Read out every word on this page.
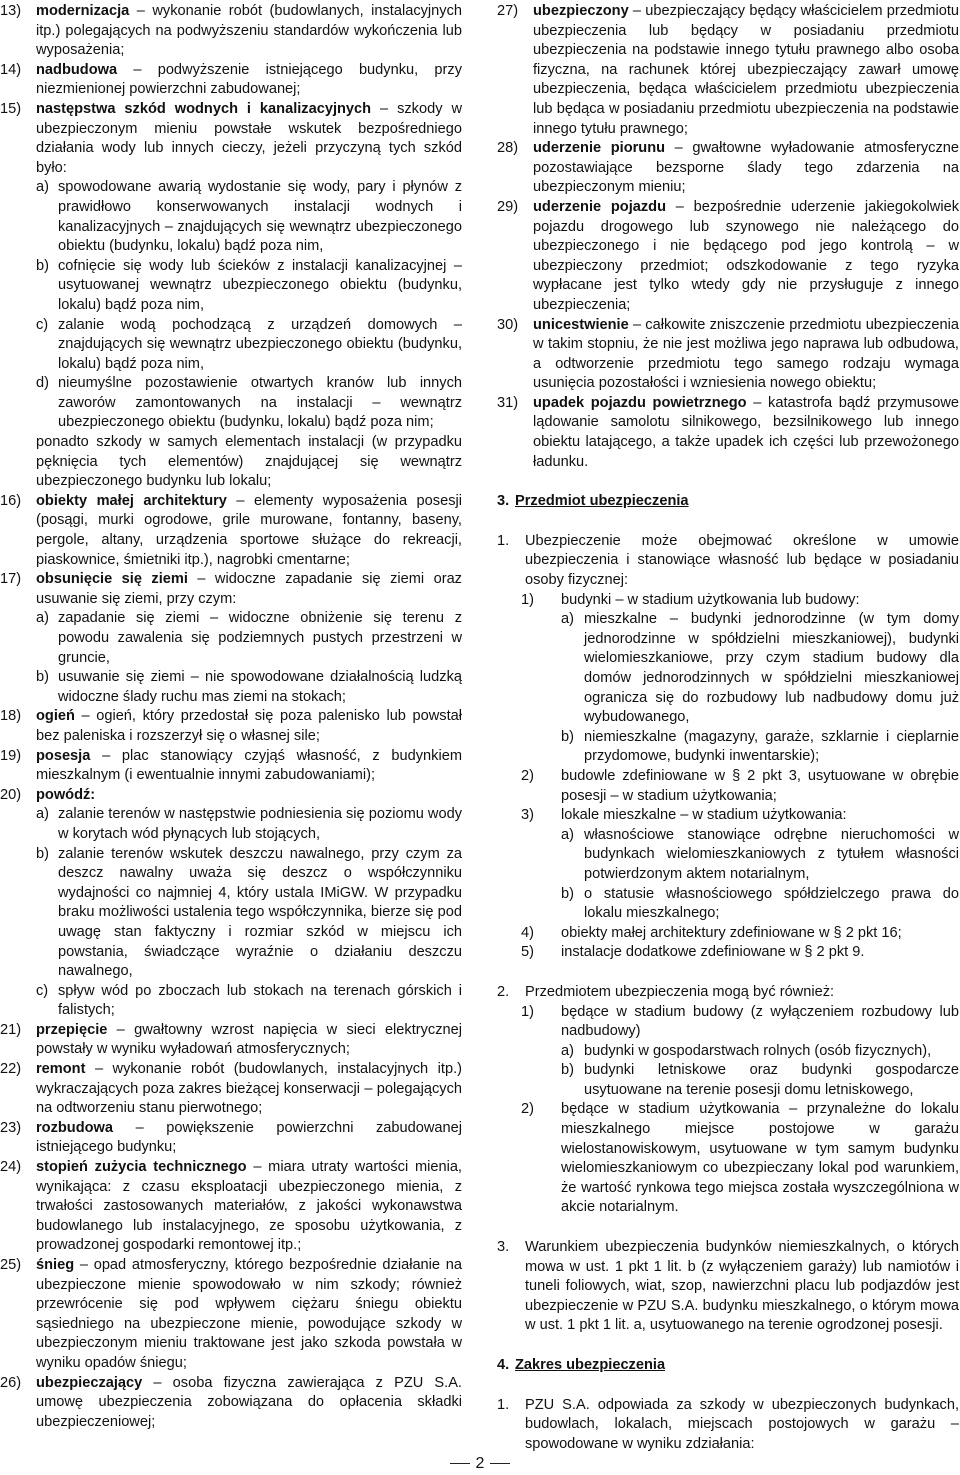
13) modernizacja – wykonanie robót (budowlanych, instalacyjnych itp.) polegających na podwyższeniu standardów wykończenia lub wyposażenia;

14) nadbudowa – podwyższenie istniejącego budynku, przy niezmienionej powierzchni zabudowanej;

15) następstwa szkód wodnych i kanalizacyjnych – szkody w ubezpieczonym mieniu powstałe wskutek bezpośredniego działania wody lub innych cieczy, jeżeli przyczyną tych szkód było:
a) spowodowane awarią wydostanie się wody, pary i płynów z prawidłowo konserwowanych instalacji wodnych i kanalizacyjnych – znajdujących się wewnątrz ubezpieczonego obiektu (budynku, lokalu) bądź poza nim,
b) cofnięcie się wody lub ścieków z instalacji kanalizacyjnej – usytuowanej wewnątrz ubezpieczonego obiektu (budynku, lokalu) bądź poza nim,
c) zalanie wodą pochodzącą z urządzeń domowych – znajdujących się wewnątrz ubezpieczonego obiektu (budynku, lokalu) bądź poza nim,
d) nieumyślne pozostawienie otwartych kranów lub innych zaworów zamontowanych na instalacji – wewnątrz ubezpieczonego obiektu (budynku, lokalu) bądź poza nim;
ponadto szkody w samych elementach instalacji (w przypadku pęknięcia tych elementów) znajdującej się wewnątrz ubezpieczonego budynku lub lokalu;

16) obiekty małej architektury – elementy wyposażenia posesji (posągi, murki ogrodowe, grile murowane, fontanny, baseny, pergole, altany, urządzenia sportowe służące do rekreacji, piaskownice, śmietniki itp.), nagrobki cmentarne;

17) obsunięcie się ziemi – widoczne zapadanie się ziemi oraz usuwanie się ziemi, przy czym:
a) zapadanie się ziemi – widoczne obniżenie się terenu z powodu zawalenia się podziemnych pustych przestrzeni w gruncie,
b) usuwanie się ziemi – nie spowodowane działalnością ludzką widoczne ślady ruchu mas ziemi na stokach;

18) ogień – ogień, który przedostał się poza palenisko lub powstał bez paleniska i rozszerzył się o własnej sile;

19) posesja – plac stanowiący czyjąś własność, z budynkiem mieszkalnym (i ewentualnie innymi zabudowaniami);

20) powódź:
a) zalanie terenów w następstwie podniesienia się poziomu wody w korytach wód płynących lub stojących,
b) zalanie terenów wskutek deszczu nawalnego, przy czym za deszcz nawalny uważa się deszcz o współczynniku wydajności co najmniej 4, który ustala IMiGW. W przypadku braku możliwości ustalenia tego współczynnika, bierze się pod uwagę stan faktyczny i rozmiar szkód w miejscu ich powstania, świadczące wyraźnie o działaniu deszczu nawalnego,
c) spływ wód po zboczach lub stokach na terenach górskich i falistych;

21) przepięcie – gwałtowny wzrost napięcia w sieci elektrycznej powstały w wyniku wyładowań atmosferycznych;

22) remont – wykonanie robót (budowlanych, instalacyjnych itp.) wykraczających poza zakres bieżącej konserwacji – polegających na odtworzeniu stanu pierwotnego;

23) rozbudowa – powiększenie powierzchni zabudowanej istniejącego budynku;

24) stopień zużycia technicznego – miara utraty wartości mienia, wynikająca: z czasu eksploatacji ubezpieczonego mienia, z trwałości zastosowanych materiałów, z jakości wykonawstwa budowlanego lub instalacyjnego, ze sposobu użytkowania, z prowadzonej gospodarki remontowej itp.;

25) śnieg – opad atmosferyczny, którego bezpośrednie działanie na ubezpieczone mienie spowodowało w nim szkody; również przewrócenie się pod wpływem ciężaru śniegu obiektu sąsiedniego na ubezpieczone mienie, powodujące szkody w ubezpieczonym mieniu traktowane jest jako szkoda powstała w wyniku opadów śniegu;

26) ubezpieczający – osoba fizyczna zawierająca z PZU S.A. umowę ubezpieczenia zobowiązana do opłacenia składki ubezpieczeniowej;

27) ubezpieczony – ubezpieczający będący właścicielem przedmiotu ubezpieczenia lub będący w posiadaniu przedmiotu ubezpieczenia na podstawie innego tytułu prawnego albo osoba fizyczna, na rachunek której ubezpieczający zawarł umowę ubezpieczenia, będąca właścicielem przedmiotu ubezpieczenia lub będąca w posiadaniu przedmiotu ubezpieczenia na podstawie innego tytułu prawnego;

28) uderzenie piorunu – gwałtowne wyładowanie atmosferyczne pozostawiające bezsporne ślady tego zdarzenia na ubezpieczonym mieniu;

29) uderzenie pojazdu – bezpośrednie uderzenie jakiegokolwiek pojazdu drogowego lub szynowego nie należącego do ubezpieczonego i nie będącego pod jego kontrolą – w ubezpieczony przedmiot; odszkodowanie z tego ryzyka wypłacane jest tylko wtedy gdy nie przysługuje z innego ubezpieczenia;

30) unicestwienie – całkowite zniszczenie przedmiotu ubezpieczenia w takim stopniu, że nie jest możliwa jego naprawa lub odbudowa, a odtworzenie przedmiotu tego samego rodzaju wymaga usunięcia pozostałości i wzniesienia nowego obiektu;

31) upadek pojazdu powietrznego – katastrofa bądź przymusowe lądowanie samolotu silnikowego, bezsilnikowego lub innego obiektu latającego, a także upadek ich części lub przewożonego ładunku.

3. Przedmiot ubezpieczenia
1. Ubezpieczenie może obejmować określone w umowie ubezpieczenia i stanowiące własność lub będące w posiadaniu osoby fizycznej:
1) budynki – w stadium użytkowania lub budowy:
a) mieszkalne – budynki jednorodzinne (w tym domy jednorodzinne w spółdzielni mieszkaniowej), budynki wielomieszkaniowe, przy czym stadium budowy dla domów jednorodzinnych w spółdzielni mieszkaniowej ogranicza się do rozbudowy lub nadbudowy domu już wybudowanego,
b) niemieszkalne (magazyny, garaże, szklarnie i cieplarnie przydomowe, budynki inwentarskie);
2) budowle zdefiniowane w § 2 pkt 3, usytuowane w obrębie posesji – w stadium użytkowania;
3) lokale mieszkalne – w stadium użytkowania:
a) własnościowe stanowiące odrębne nieruchomości w budynkach wielomieszkaniowych z tytułem własności potwierdzonym aktem notarialnym,
b) o statusie własnościowego spółdzielczego prawa do lokalu mieszkalnego;
4) obiekty małej architektury zdefiniowane w § 2 pkt 16;
5) instalacje dodatkowe zdefiniowane w § 2 pkt 9.
2. Przedmiotem ubezpieczenia mogą być również:
1) będące w stadium budowy (z wyłączeniem rozbudowy lub nadbudowy)
a) budynki w gospodarstwach rolnych (osób fizycznych),
b) budynki letniskowe oraz budynki gospodarcze usytuowane na terenie posesji domu letniskowego,
2) będące w stadium użytkowania – przynależne do lokalu mieszkalnego miejsce postojowe w garażu wielostanowiskowym, usytuowane w tym samym budynku wielomieszkaniowym co ubezpieczany lokal pod warunkiem, że wartość rynkowa tego miejsca została wyszczególniona w akcie notarialnym.
3. Warunkiem ubezpieczenia budynków niemieszkalnych, o których mowa w ust. 1 pkt 1 lit. b (z wyłączeniem garaży) lub namiotów i tuneli foliowych, wiat, szop, nawierzchni placu lub podjazdów jest ubezpieczenie w PZU S.A. budynku mieszkalnego, o którym mowa w ust. 1 pkt 1 lit. a, usytuowanego na terenie ogrodzonej posesji.
4. Zakres ubezpieczenia
1. PZU S.A. odpowiada za szkody w ubezpieczonych budynkach, budowlach, lokalach, miejscach postojowych w garażu – spowodowane w wyniku zdziałania:
2
